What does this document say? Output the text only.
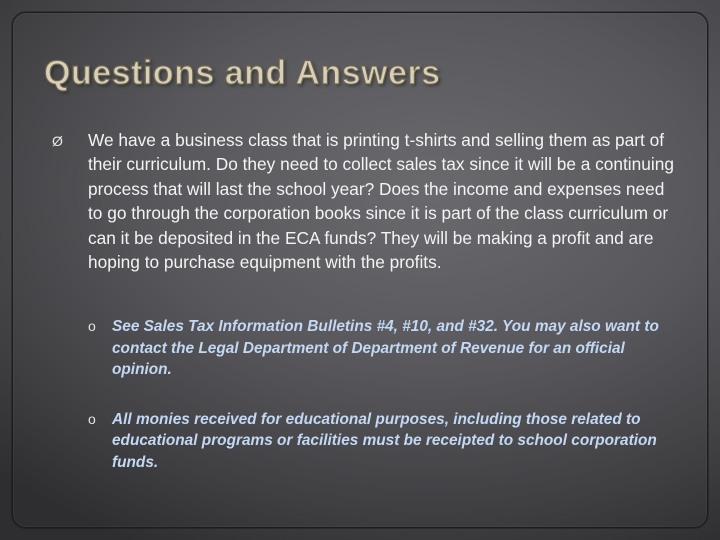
Questions and Answers
Ø We have a business class that is printing t-shirts and selling them as part of their curriculum. Do they need to collect sales tax since it will be a continuing process that will last the school year? Does the income and expenses need to go through the corporation books since it is part of the class curriculum or can it be deposited in the ECA funds? They will be making a profit and are hoping to purchase equipment with the profits.

o See Sales Tax Information Bulletins #4, #10, and #32. You may also want to contact the Legal Department of Department of Revenue for an official opinion.
o All monies received for educational purposes, including those related to educational programs or facilities must be receipted to school corporation funds.
